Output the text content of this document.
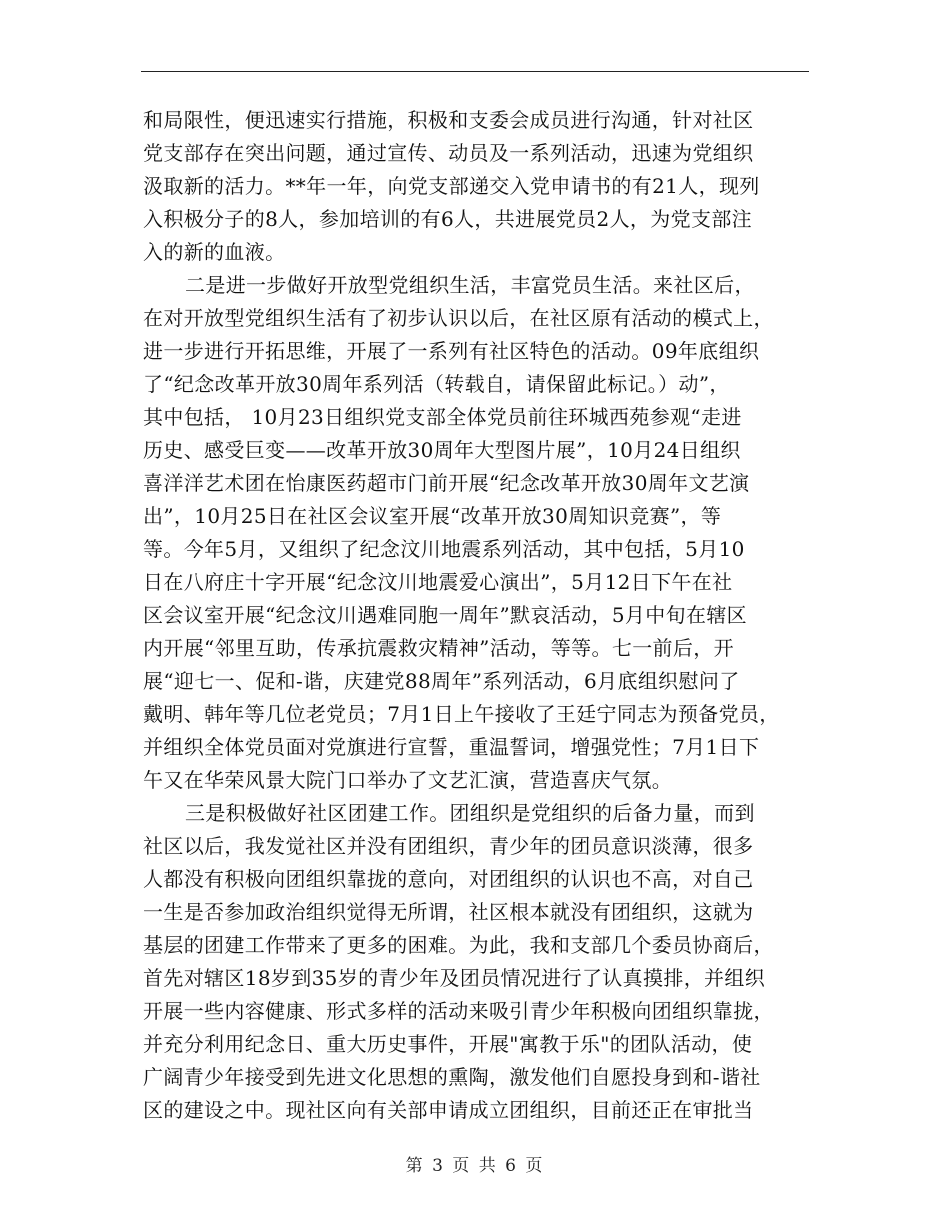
和局限性，便迅速实行措施，积极和支委会成员进行沟通，针对社区
党支部存在突出问题，通过宣传、动员及一系列活动，迅速为党组织
汲取新的活力。**年一年，向党支部递交入党申请书的有21人，现列
入积极分子的8人，参加培训的有6人，共进展党员2人，为党支部注
入的新的血液。
二是进一步做好开放型党组织生活，丰富党员生活。来社区后，
在对开放型党组织生活有了初步认识以后，在社区原有活动的模式上，
进一步进行开拓思维，开展了一系列有社区特色的活动。09年底组织
了“纪念改革开放30周年系列活（转载自，请保留此标记。）动”，
其中包括， 10月23日组织党支部全体党员前往环城西苑参观“走进
历史、感受巨变——改革开放30周年大型图片展”，10月24日组织
喜洋洋艺术团在怡康医药超市门前开展“纪念改革开放30周年文艺演
出”，10月25日在社区会议室开展“改革开放30周知识竞赛”，等
等。今年5月，又组织了纪念汶川地震系列活动，其中包括，5月10
日在八府庄十字开展“纪念汶川地震爱心演出”，5月12日下午在社
区会议室开展“纪念汶川遇难同胞一周年”默哀活动，5月中旬在辖区
内开展“邻里互助，传承抗震救灾精神”活动，等等。七一前后，开
展“迎七一、促和-谐，庆建党88周年”系列活动，6月底组织慰问了
戴明、韩年等几位老党员；7月1日上午接收了王廷宁同志为预备党员，
并组织全体党员面对党旗进行宣誓，重温誓词，增强党性；7月1日下
午又在华荣风景大院门口举办了文艺汇演，营造喜庆气氛。
三是积极做好社区团建工作。团组织是党组织的后备力量，而到
社区以后，我发觉社区并没有团组织，青少年的团员意识淡薄，很多
人都没有积极向团组织靠拢的意向，对团组织的认识也不高，对自己
一生是否参加政治组织觉得无所谓，社区根本就没有团组织，这就为
基层的团建工作带来了更多的困难。为此，我和支部几个委员协商后，
首先对辖区18岁到35岁的青少年及团员情况进行了认真摸排，并组织
开展一些内容健康、形式多样的活动来吸引青少年积极向团组织靠拢，
并充分利用纪念日、重大历史事件，开展"寓教于乐"的团队活动，使
广阔青少年接受到先进文化思想的熏陶，激发他们自愿投身到和-谐社
区的建设之中。现社区向有关部申请成立团组织，目前还正在审批当
第 3 页 共 6 页
